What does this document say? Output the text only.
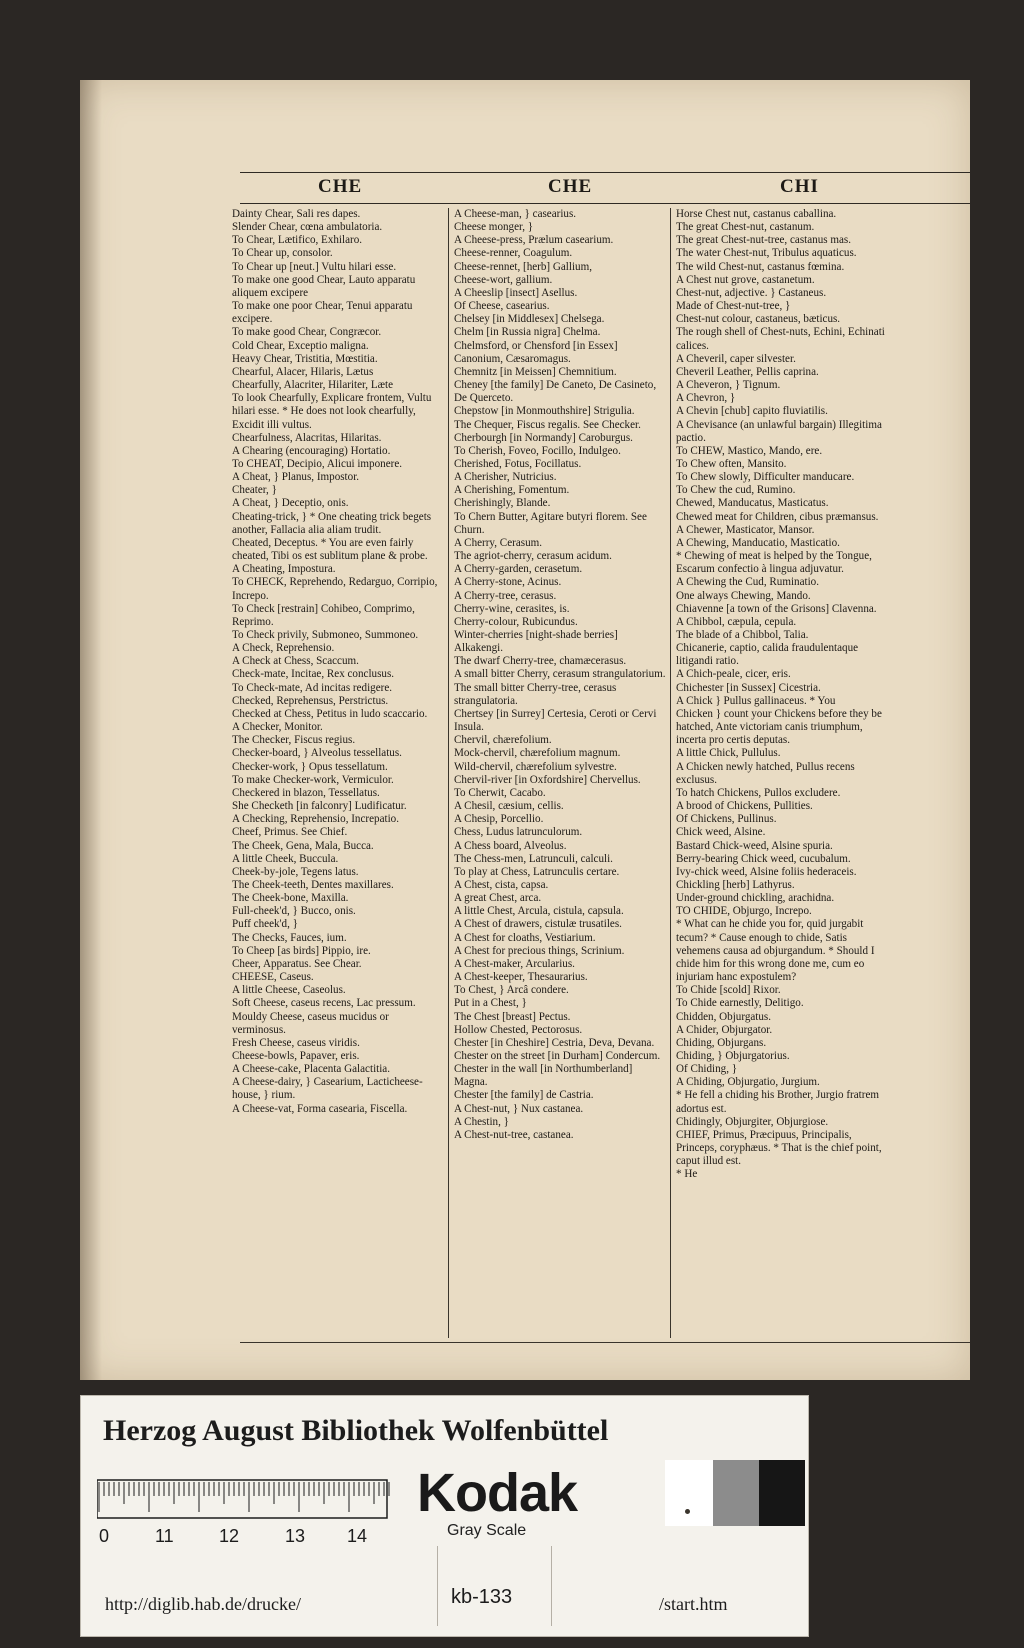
CHE	CHE	CHI

Dainty Chear, Sali res dapes.

Slender Chear, cœna ambulatoria.

To Chear, Lætifico, Exhilaro.

To Chear up, consolor.

To Chear up [neut.] Vultu hilari esse.

To make one good Chear, Lauto apparatu aliquem excipere

To make one poor Chear, Tenui apparatu excipere.

To make good Chear, Congræcor.

Cold Chear, Exceptio maligna.

Heavy Chear, Tristitia, Mœstitia.

Chearful, Alacer, Hilaris, Lætus

Chearfully, Alacriter, Hilariter, Læte

To look Chearfully, Explicare frontem, Vultu hilari esse. * He does not look chearfully, Excidit illi vultus.

Chearfulness, Alacritas, Hilaritas.

A Chearing (encouraging) Hortatio.

To CHEAT, Decipio, Alicui imponere.

A Cheat, } Planus, Impostor.

Cheater, }

A Cheat, } Deceptio, onis.

Cheating-trick, } * One cheating trick begets another, Fallacia alia aliam trudit.

Cheated, Deceptus. * You are even fairly cheated, Tibi os est sublitum plane & probe.

A Cheating, Impostura.

To CHECK, Reprehendo, Redarguo, Corripio, Increpo.

To Check [restrain] Cohibeo, Comprimo, Reprimo.

To Check privily, Submoneo, Summoneo.

A Check, Reprehensio.

A Check at Chess, Scaccum.

Check-mate, Incitae, Rex conclusus.

To Check-mate, Ad incitas redigere.

Checked, Reprehensus, Perstrictus.

Checked at Chess, Petitus in ludo scaccario.

A Checker, Monitor.

The Checker, Fiscus regius.

Checker-board, } Alveolus tessellatus.

Checker-work, } Opus tessellatum.

To make Checker-work, Vermiculor.

Checkered in blazon, Tessellatus.

She Checketh [in falconry] Ludificatur.

A Checking, Reprehensio, Increpatio.

Cheef, Primus. See Chief.

The Cheek, Gena, Mala, Bucca.

A little Cheek, Buccula.

Cheek-by-jole, Tegens latus.

The Cheek-teeth, Dentes maxillares.

The Cheek-bone, Maxilla.

Full-cheek'd, } Bucco, onis.

Puff cheek'd, }

The Checks, Fauces, ium.

To Cheep [as birds] Pippio, ire.

Cheer, Apparatus. See Chear.

CHEESE, Caseus.

A little Cheese, Caseolus.

Soft Cheese, caseus recens, Lac pressum.

Mouldy Cheese, caseus mucidus or verminosus.

Fresh Cheese, caseus viridis.

Cheese-bowls, Papaver, eris.

A Cheese-cake, Placenta Galactitia.

A Cheese-dairy, } Casearium, Lacticheese-house, } rium.

A Cheese-vat, Forma casearia, Fiscella.

A Cheese-man, } casearius.

Cheese monger, }

A Cheese-press, Prælum casearium.

Cheese-renner, Coagulum.

Cheese-rennet, [herb] Gallium,

Cheese-wort, gallium.

A Cheeslip [insect] Asellus.

Of Cheese, casearius.

Chelsey [in Middlesex] Chelsega.

Chelm [in Russia nigra] Chelma.

Chelmsford, or Chensford [in Essex] Canonium, Cæsaromagus.

Chemnitz [in Meissen] Chemnitium.

Cheney [the family] De Caneto, De Casineto, De Querceto.

Chepstow [in Monmouthshire] Strigulia.

The Chequer, Fiscus regalis. See Checker.

Cherbourgh [in Normandy] Caroburgus.

To Cherish, Foveo, Focillo, Indulgeo.

Cherished, Fotus, Focillatus.

A Cherisher, Nutricius.

A Cherishing, Fomentum.

Cherishingly, Blande.

To Chern Butter, Agitare butyri florem. See Churn.

A Cherry, Cerasum.

The agriot-cherry, cerasum acidum.

A Cherry-garden, cerasetum.

A Cherry-stone, Acinus.

A Cherry-tree, cerasus.

Cherry-wine, cerasites, is.

Cherry-colour, Rubicundus.

Winter-cherries [night-shade berries] Alkakengi.

The dwarf Cherry-tree, chamæcerasus.

A small bitter Cherry, cerasum strangulatorium.

The small bitter Cherry-tree, cerasus strangulatoria.

Chertsey [in Surrey] Certesia, Ceroti or Cervi Insula.

Chervil, chærefolium.

Mock-chervil, chærefolium magnum.

Wild-chervil, chærefolium sylvestre.

Chervil-river [in Oxfordshire] Chervellus.

To Cherwit, Cacabo.

A Chesil, cæsium, cellis.

A Chesip, Porcellio.

Chess, Ludus latrunculorum.

A Chess board, Alveolus.

The Chess-men, Latrunculi, calculi.

To play at Chess, Latrunculis certare.

A Chest, cista, capsa.

A great Chest, arca.

A little Chest, Arcula, cistula, capsula.

A Chest of drawers, cistulæ trusatiles.

A Chest for cloaths, Vestiarium.

A Chest for precious things, Scrinium.

A Chest-maker, Arcularius.

A Chest-keeper, Thesaurarius.

To Chest, } Arcâ condere.

Put in a Chest, }

The Chest [breast] Pectus.

Hollow Chested, Pectorosus.

Chester [in Cheshire] Cestria, Deva, Devana.

Chester on the street [in Durham] Condercum.

Chester in the wall [in Northumberland] Magna.

Chester [the family] de Castria.

A Chest-nut, } Nux castanea.

A Chestin, }

A Chest-nut-tree, castanea.

Horse Chest nut, castanus caballina.

The great Chest-nut, castanum.

The great Chest-nut-tree, castanus mas.

The water Chest-nut, Tribulus aquaticus.

The wild Chest-nut, castanus fœmina.

A Chest nut grove, castanetum.

Chest-nut, adjective. } Castaneus.

Made of Chest-nut-tree, }

Chest-nut colour, castaneus, bæticus.

The rough shell of Chest-nuts, Echini, Echinati calices.

A Cheveril, caper silvester.

Cheveril Leather, Pellis caprina.

A Cheveron, } Tignum.

A Chevron, }

A Chevin [chub] capito fluviatilis.

A Chevisance (an unlawful bargain) Illegitima pactio.

To CHEW, Mastico, Mando, ere.

To Chew often, Mansito.

To Chew slowly, Difficulter manducare.

To Chew the cud, Rumino.

Chewed, Manducatus, Masticatus.

Chewed meat for Children, cibus præmansus.

A Chewer, Masticator, Mansor.

A Chewing, Manducatio, Masticatio.

* Chewing of meat is helped by the Tongue, Escarum confectio à lingua adjuvatur.

A Chewing the Cud, Ruminatio.

One always Chewing, Mando.

Chiavenne [a town of the Grisons] Clavenna.

A Chibbol, cæpula, cepula.

The blade of a Chibbol, Talia.

Chicanerie, captio, calida fraudulentaque litigandi ratio.

A Chich-peale, cicer, eris.

Chichester [in Sussex] Cicestria.

A Chick } Pullus gallinaceus. * You

Chicken } count your Chickens before they be hatched, Ante victoriam canis triumphum, incerta pro certis deputas.

A little Chick, Pullulus.

A Chicken newly hatched, Pullus recens exclusus.

To hatch Chickens, Pullos excludere.

A brood of Chickens, Pullities.

Of Chickens, Pullinus.

Chick weed, Alsine.

Bastard Chick-weed, Alsine spuria.

Berry-bearing Chick weed, cucubalum.

Ivy-chick weed, Alsine foliis hederaceis.

Chickling [herb] Lathyrus.

Under-ground chickling, arachidna.

TO CHIDE, Objurgo, Increpo.

* What can he chide you for, quid jurgabit tecum? * Cause enough to chide, Satis vehemens causa ad objurgandum. * Should I chide him for this wrong done me, cum eo injuriam hanc expostulem?

To Chide [scold] Rixor.

To Chide earnestly, Delitigo.

Chidden, Objurgatus.

A Chider, Objurgator.

Chiding, Objurgans.

Chiding, } Objurgatorius.

Of Chiding, }

A Chiding, Objurgatio, Jurgium.

* He fell a chiding his Brother, Jurgio fratrem adortus est.

Chidingly, Objurgiter, Objurgiose.

CHIEF, Primus, Præcipuus, Principalis, Princeps, coryphæus. * That is the chief point, caput illud est.

* He

Herzog August Bibliothek Wolfenbüttel
0	11	12	13 14
Kodak
Gray Scale
http://diglib.hab.de/drucke/	kb-133	/start.htm
